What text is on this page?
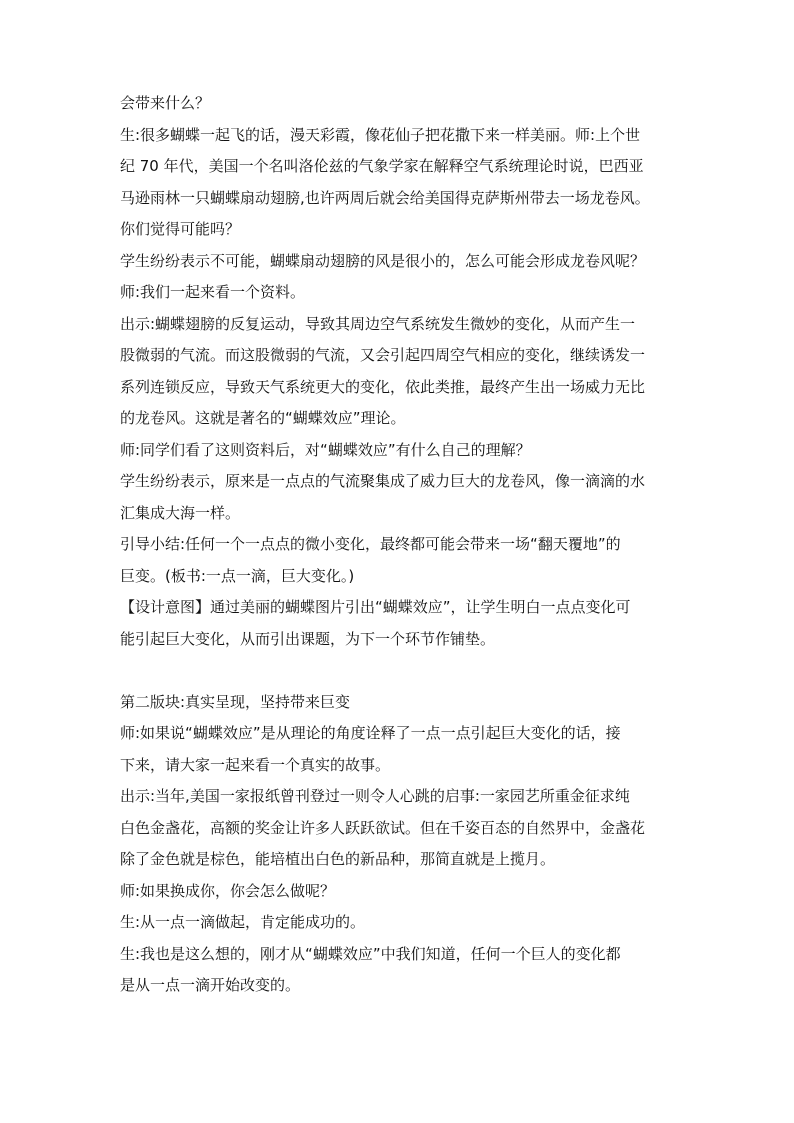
会带来什么？
生:很多蝴蝶一起飞的话，漫天彩霞，像花仙子把花撒下来一样美丽。师:上个世
纪 70 年代，美国一个名叫洛伦兹的气象学家在解释空气系统理论时说，巴西亚
马逊雨林一只蝴蝶扇动翅膀,也许两周后就会给美国得克萨斯州带去一场龙卷风。
你们觉得可能吗？
学生纷纷表示不可能，蝴蝶扇动翅膀的风是很小的，怎么可能会形成龙卷风呢？
师:我们一起来看一个资料。
出示:蝴蝶翅膀的反复运动，导致其周边空气系统发生微妙的变化，从而产生一
股微弱的气流。而这股微弱的气流，又会引起四周空气相应的变化，继续诱发一
系列连锁反应，导致天气系统更大的变化，依此类推，最终产生出一场威力无比
的龙卷风。这就是著名的“蝴蝶效应”理论。
师:同学们看了这则资料后，对“蝴蝶效应”有什么自己的理解？
学生纷纷表示，原来是一点点的气流聚集成了威力巨大的龙卷风，像一滴滴的水
汇集成大海一样。
引导小结:任何一个一点点的微小变化，最终都可能会带来一场“翻天覆地”的
巨变。(板书:一点一滴，巨大变化。)
【设计意图】通过美丽的蝴蝶图片引出“蝴蝶效应”，让学生明白一点点变化可
能引起巨大变化，从而引出课题，为下一个环节作铺垫。
第二版块:真实呈现，坚持带来巨变
师:如果说“蝴蝶效应”是从理论的角度诠释了一点一点引起巨大变化的话，接
下来，请大家一起来看一个真实的故事。
出示:当年,美国一家报纸曾刊登过一则令人心跳的启事:一家园艺所重金征求纯
白色金盏花，高额的奖金让许多人跃跃欲试。但在千姿百态的自然界中，金盏花
除了金色就是棕色，能培植出白色的新品种，那简直就是上揽月。
师:如果换成你，你会怎么做呢？
生:从一点一滴做起，肯定能成功的。
生:我也是这么想的，刚才从“蝴蝶效应”中我们知道，任何一个巨人的变化都
是从一点一滴开始改变的。
